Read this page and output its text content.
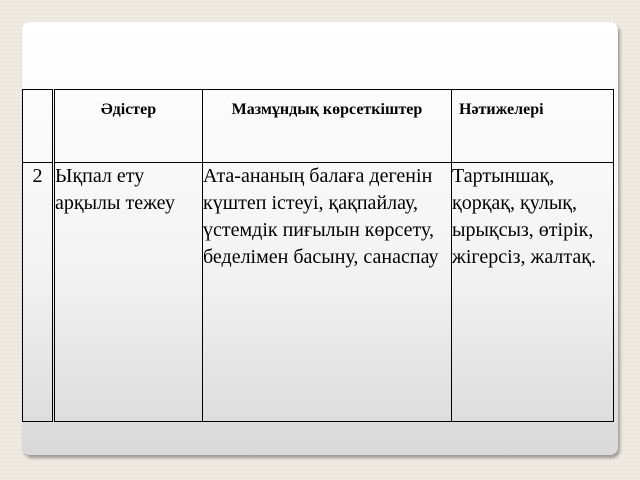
	Әдістер	Мазмұндық көрсеткіштер	Нәтижелері
2	Ықпал ету арқылы тежеу	Ата-ананың балаға дегенін күштеп істеуі, қақпайлау, үстемдік пиғылын көрсету, беделімен басыну, санаспау	Тартыншақ, қорқақ, қулық, ырықсыз, өтірік, жігерсіз, жалтақ.
